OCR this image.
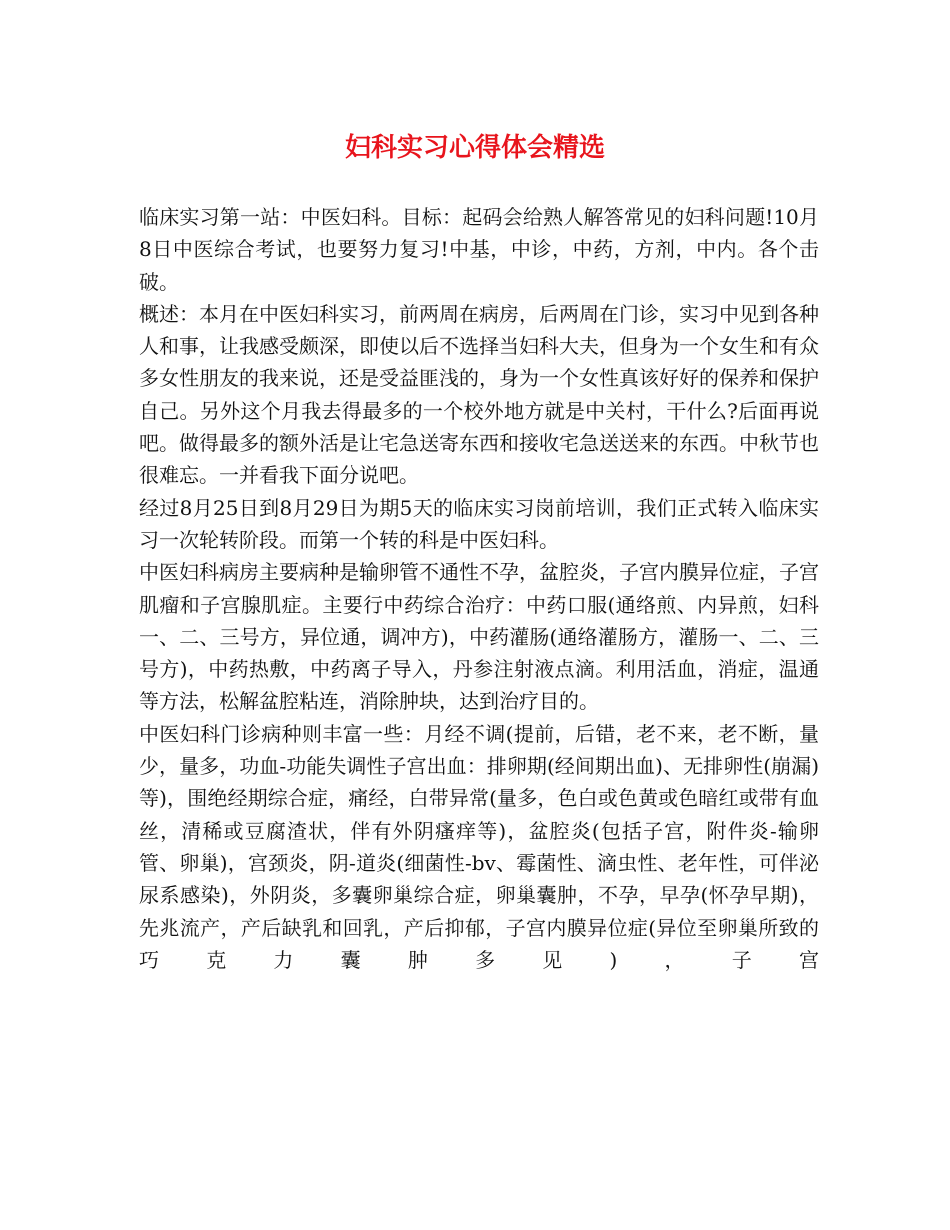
妇科实习心得体会精选

临床实习第一站：中医妇科。目标：起码会给熟人解答常见的妇科问题!10月8日中医综合考试，也要努力复习!中基，中诊，中药，方剂，中内。各个击破。

概述：本月在中医妇科实习，前两周在病房，后两周在门诊，实习中见到各种人和事，让我感受颇深，即使以后不选择当妇科大夫，但身为一个女生和有众多女性朋友的我来说，还是受益匪浅的，身为一个女性真该好好的保养和保护自己。另外这个月我去得最多的一个校外地方就是中关村，干什么?后面再说吧。做得最多的额外活是让宅急送寄东西和接收宅急送送来的东西。中秋节也很难忘。一并看我下面分说吧。

经过8月25日到8月29日为期5天的临床实习岗前培训，我们正式转入临床实习一次轮转阶段。而第一个转的科是中医妇科。

中医妇科病房主要病种是输卵管不通性不孕，盆腔炎，子宫内膜异位症，子宫肌瘤和子宫腺肌症。主要行中药综合治疗：中药口服(通络煎、内异煎，妇科一、二、三号方，异位通，调冲方)，中药灌肠(通络灌肠方，灌肠一、二、三号方)，中药热敷，中药离子导入，丹参注射液点滴。利用活血，消症，温通等方法，松解盆腔粘连，消除肿块，达到治疗目的。

中医妇科门诊病种则丰富一些：月经不调(提前，后错，老不来，老不断，量少，量多，功血-功能失调性子宫出血：排卵期(经间期出血)、无排卵性(崩漏)等)，围绝经期综合症，痛经，白带异常(量多，色白或色黄或色暗红或带有血丝，清稀或豆腐渣状，伴有外阴瘙痒等)，盆腔炎(包括子宫，附件炎-输卵管、卵巢)，宫颈炎，阴-道炎(细菌性-bv、霉菌性、滴虫性、老年性，可伴泌尿系感染)，外阴炎，多囊卵巢综合症，卵巢囊肿，不孕，早孕(怀孕早期)，先兆流产，产后缺乳和回乳，产后抑郁，子宫内膜异位症(异位至卵巢所致的巧克力囊肿多见)，子宫
